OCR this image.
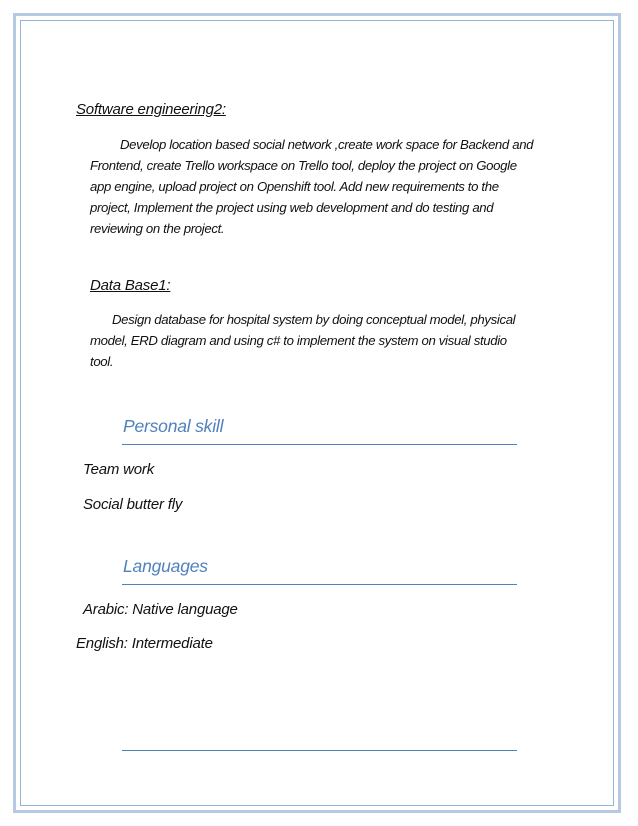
Software engineering2:
Develop location based social network ,create work space for Backend and
Frontend, create Trello workspace on Trello tool, deploy the project on Google
app engine, upload project on Openshift tool. Add new requirements to the
project, Implement the project using web development and do testing and
reviewing on the project.
Data Base1:
Design database for hospital system by doing conceptual model, physical
model, ERD diagram and using c# to implement the system on visual studio
tool.
Personal skill
Team work
Social butter fly
Languages
Arabic: Native language
English: Intermediate
